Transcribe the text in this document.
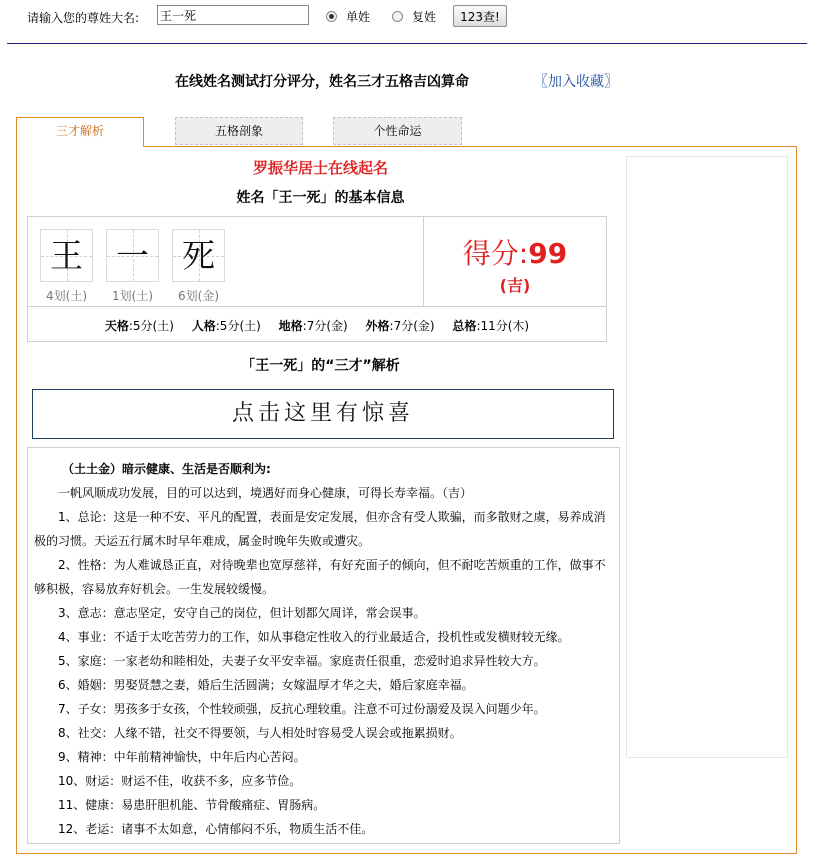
请输入您的尊姓大名:
王一死	单姓	复姓	123查!
在线姓名测试打分评分，姓名三才五格吉凶算命	〖加入收藏〗
三才解析	五格剖象	个性命运
罗振华居士在线起名
姓名「王一死」的基本信息
王
4划(土)
一
1划(土)
死
6划(金)
得分:99
(吉)
天格:5分(土) 人格:5分(土) 地格:7分(金) 外格:7分(金) 总格:11分(木)
「王一死」的“三才”解析
点击这里有惊喜

（土土金）暗示健康、生活是否顺利为:

一帆风顺成功发展，目的可以达到，境遇好而身心健康，可得长寿幸福。（吉）

1、总论：这是一种不安、平凡的配置，表面是安定发展，但亦含有受人欺骗，而多散财之虞，易养成消极的习惯。天运五行属木时早年难成，属金时晚年失败或遭灾。

2、性格：为人难诚恳正直，对待晚辈也宽厚慈祥，有好充面子的倾向，但不耐吃苦烦重的工作，做事不够积极，容易放弃好机会。一生发展较缓慢。

3、意志：意志坚定，安守自己的岗位，但计划都欠周详，常会误事。

4、事业：不适于太吃苦劳力的工作，如从事稳定性收入的行业最适合，投机性或发横财较无缘。

5、家庭：一家老幼和睦相处，夫妻子女平安幸福。家庭责任很重，恋爱时追求异性较大方。

6、婚姻：男娶贤慧之妻，婚后生活圆满；女嫁温厚才华之夫，婚后家庭幸福。

7、子女：男孩多于女孩，个性较顽强，反抗心理较重。注意不可过份溺爱及误入问题少年。

8、社交：人缘不错，社交不得要领，与人相处时容易受人误会或拖累损财。

9、精神：中年前精神愉快，中年后内心苦闷。

10、财运：财运不佳，收获不多，应多节俭。

11、健康：易患肝胆机能、节骨酸痛症、胃肠病。

12、老运：诸事不太如意，心情郁闷不乐，物质生活不佳。
